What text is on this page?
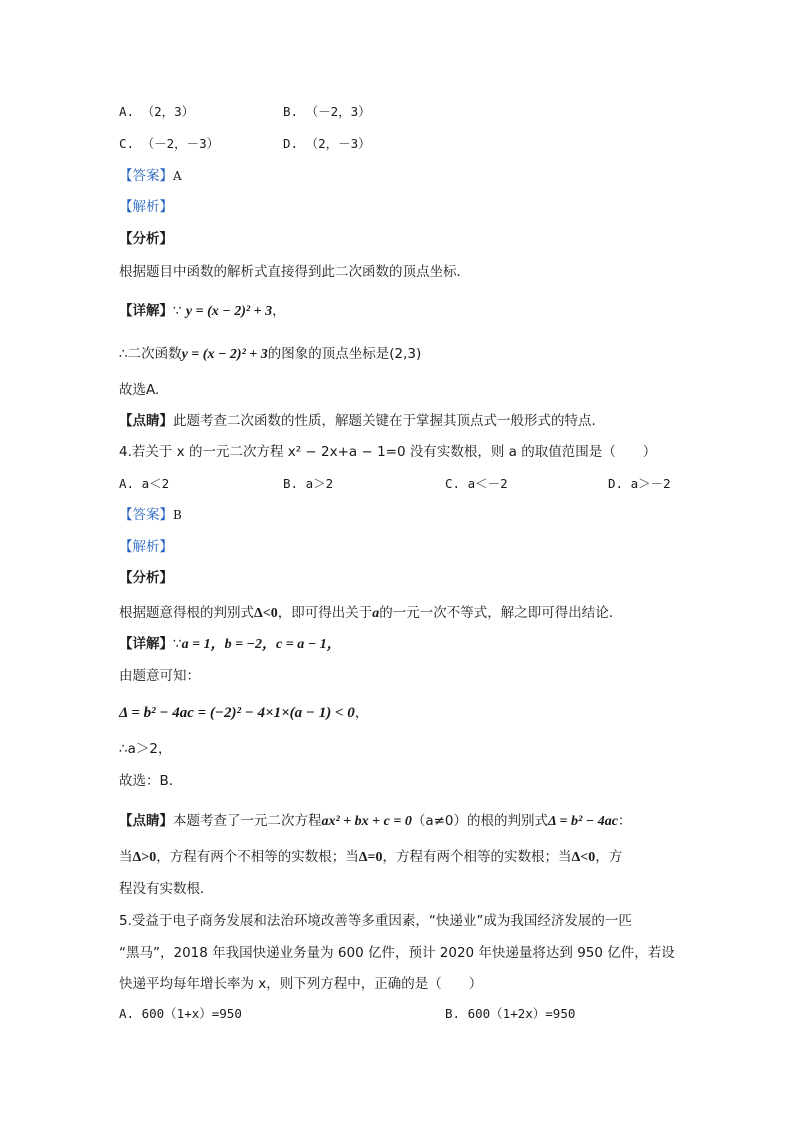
A. （2，3）	B. （－2，3）
C. （－2，－3）	D. （2，－3）
【答案】A
【解析】
【分析】
根据题目中函数的解析式直接得到此二次函数的顶点坐标．
【详解】∵ y = (x − 2)² + 3，
∴二次函数y = (x − 2)² + 3的图象的顶点坐标是(2,3)
故选A.
【点睛】此题考查二次函数的性质，解题关键在于掌握其顶点式一般形式的特点.
4.若关于 x 的一元二次方程 x² − 2x+a − 1=0 没有实数根，则 a 的取值范围是（　　）
A. a＜2	B. a＞2	C. a＜－2	D. a＞－2
【答案】B
【解析】
【分析】
根据题意得根的判别式Δ<0，即可得出关于a的一元一次不等式，解之即可得出结论．
【详解】∵a = 1，b = −2，c = a − 1，
由题意可知：
Δ = b² − 4ac = (−2)² − 4×1×(a − 1) < 0，
∴a＞2，
故选：B．
【点睛】本题考查了一元二次方程ax² + bx + c = 0（a≠0）的根的判别式Δ = b² − 4ac：
当Δ>0，方程有两个不相等的实数根；当Δ=0，方程有两个相等的实数根；当Δ<0，方
程没有实数根．
5.受益于电子商务发展和法治环境改善等多重因素，“快递业”成为我国经济发展的一匹
“黑马”，2018 年我国快递业务量为 600 亿件，预计 2020 年快递量将达到 950 亿件，若设
快递平均每年增长率为 x，则下列方程中，正确的是（　　）
A. 600（1+x）=950	B. 600（1+2x）=950
